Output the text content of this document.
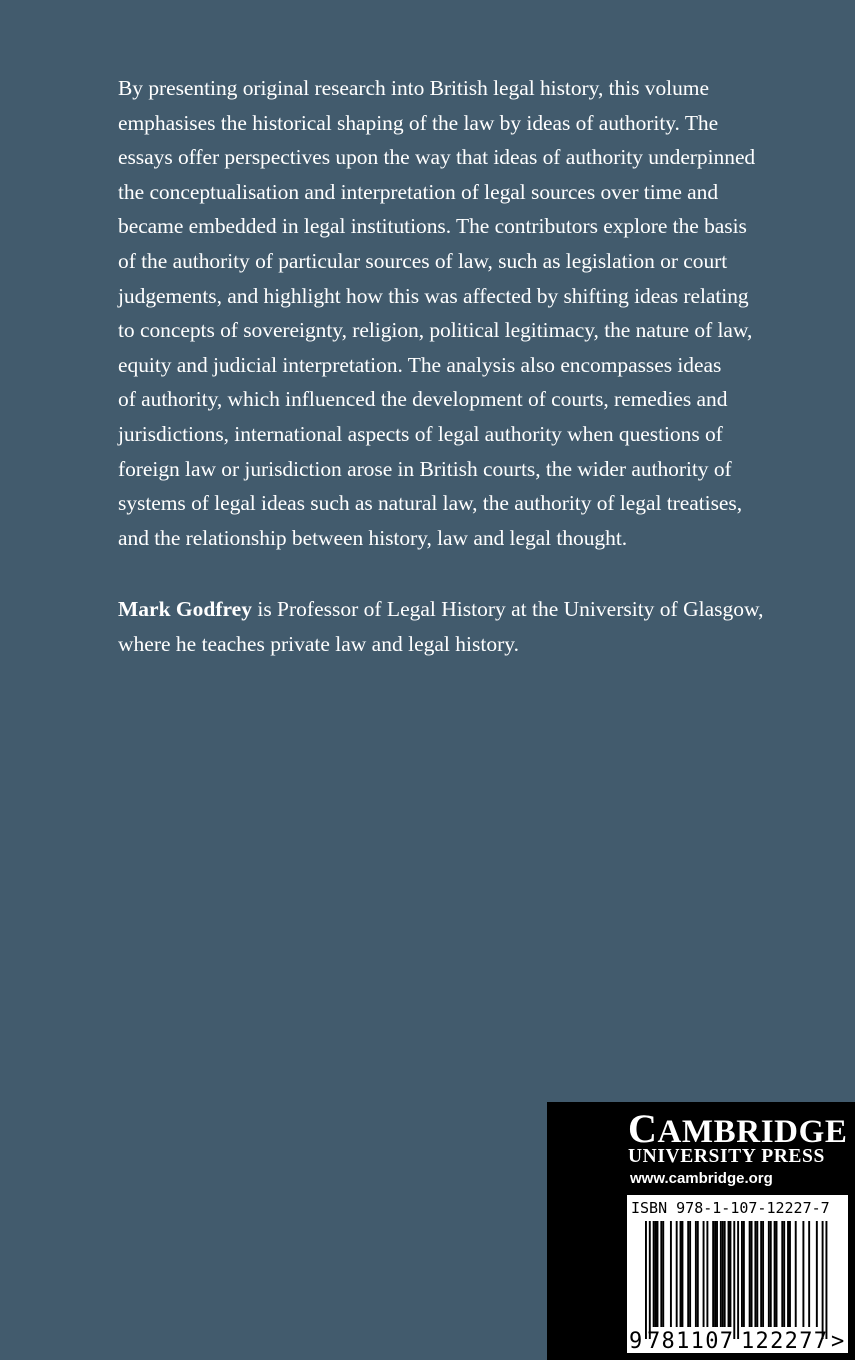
By presenting original research into British legal history, this volume
emphasises the historical shaping of the law by ideas of authority. The
essays offer perspectives upon the way that ideas of authority underpinned
the conceptualisation and interpretation of legal sources over time and
became embedded in legal institutions. The contributors explore the basis
of the authority of particular sources of law, such as legislation or court
judgements, and highlight how this was affected by shifting ideas relating
to concepts of sovereignty, religion, political legitimacy, the nature of law,
equity and judicial interpretation. The analysis also encompasses ideas
of authority, which influenced the development of courts, remedies and
jurisdictions, international aspects of legal authority when questions of
foreign law or jurisdiction arose in British courts, the wider authority of
systems of legal ideas such as natural law, the authority of legal treatises,
and the relationship between history, law and legal thought.
Mark Godfrey is Professor of Legal History at the University of Glasgow,
where he teaches private law and legal history.
CAMBRIDGE
UNIVERSITY PRESS
www.cambridge.org
ISBN 978-1-107-12227-7
9 781107 122277 >
